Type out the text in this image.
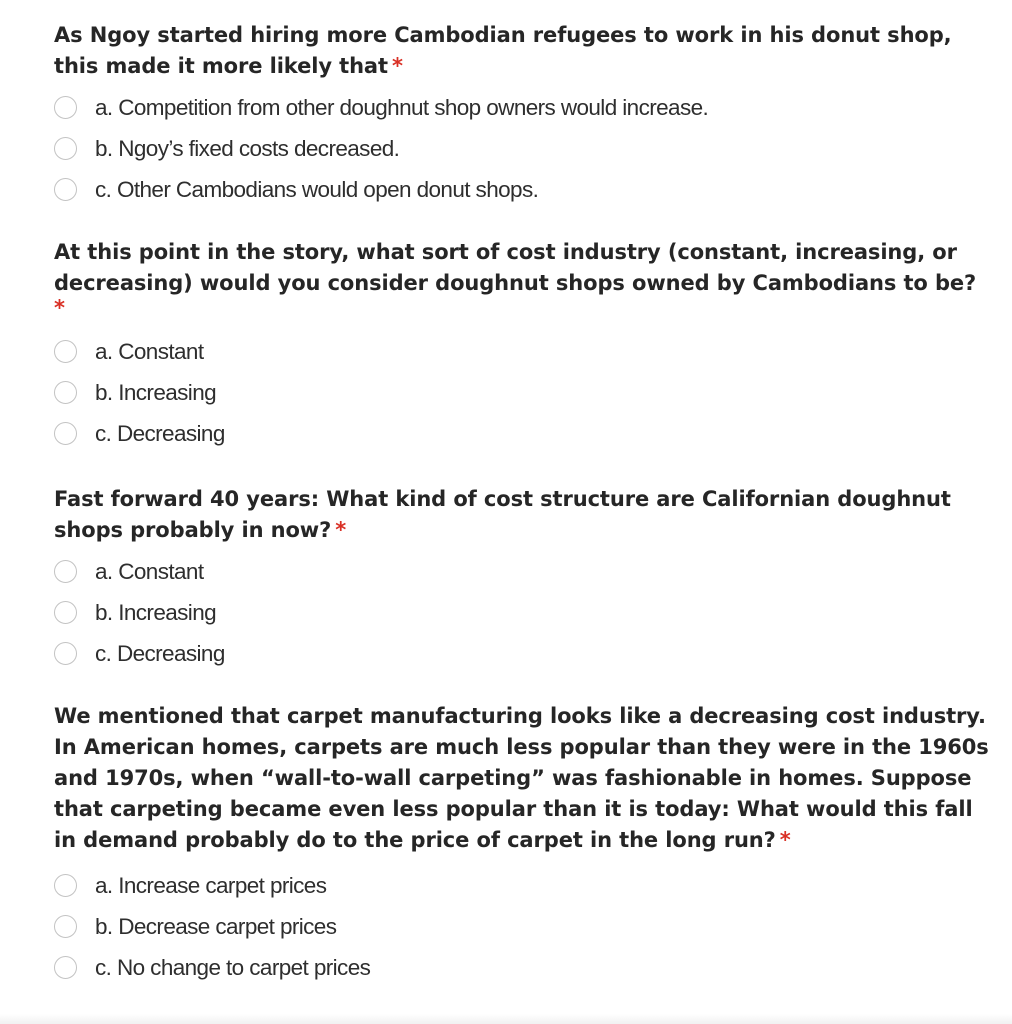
As Ngoy started hiring more Cambodian refugees to work in his donut shop, this made it more likely that *

a. Competition from other doughnut shop owners would increase.
b. Ngoy’s fixed costs decreased.
c. Other Cambodians would open donut shops.

At this point in the story, what sort of cost industry (constant, increasing, or decreasing) would you consider doughnut shops owned by Cambodians to be?
*

a. Constant
b. Increasing
c. Decreasing

Fast forward 40 years: What kind of cost structure are Californian doughnut shops probably in now? *

a. Constant
b. Increasing
c. Decreasing

We mentioned that carpet manufacturing looks like a decreasing cost industry. In American homes, carpets are much less popular than they were in the 1960s and 1970s, when “wall-to-wall carpeting” was fashionable in homes. Suppose that carpeting became even less popular than it is today: What would this fall in demand probably do to the price of carpet in the long run? *

a. Increase carpet prices
b. Decrease carpet prices
c. No change to carpet prices
